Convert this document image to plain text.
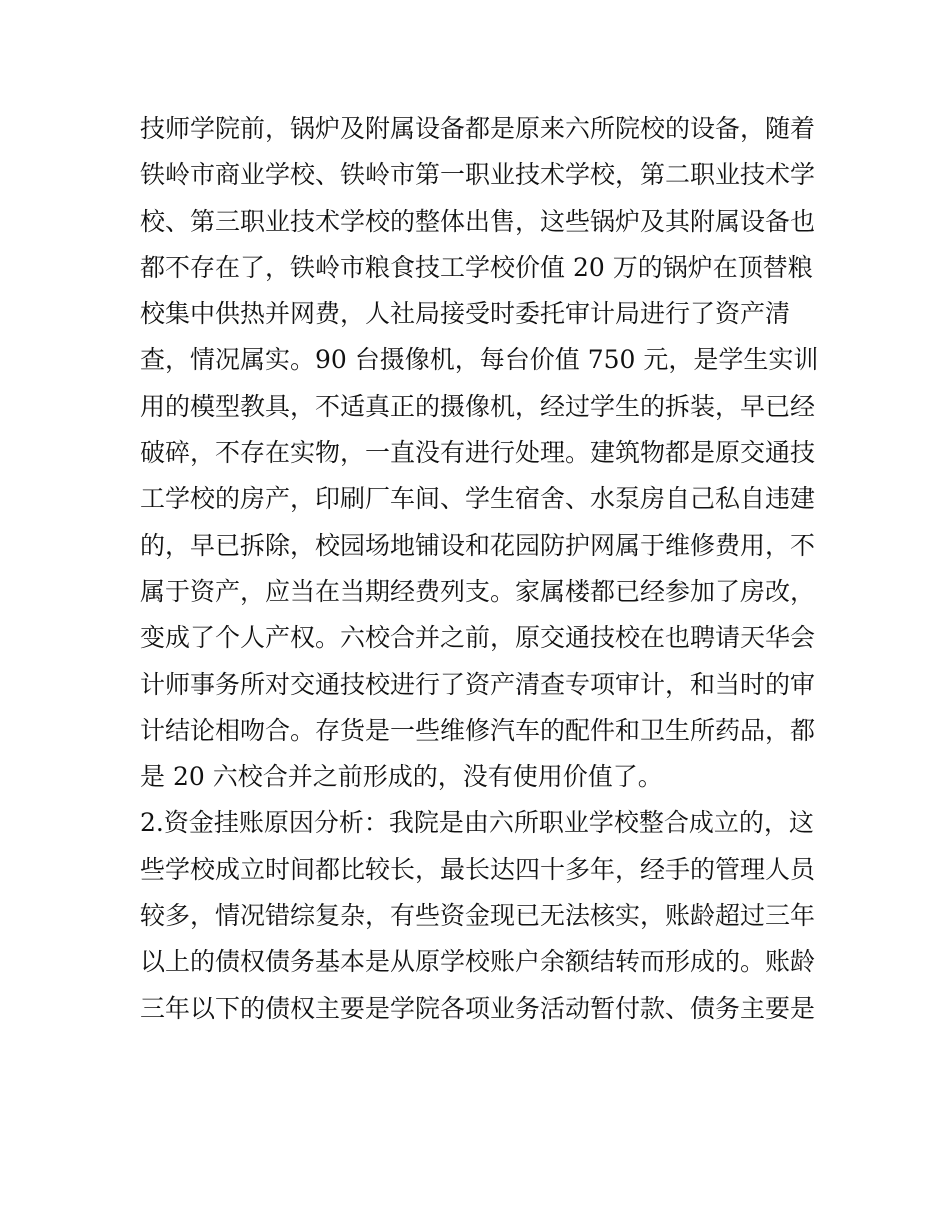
技师学院前，锅炉及附属设备都是原来六所院校的设备，随着
铁岭市商业学校、铁岭市第一职业技术学校，第二职业技术学
校、第三职业技术学校的整体出售，这些锅炉及其附属设备也
都不存在了，铁岭市粮食技工学校价值 20 万的锅炉在顶替粮
校集中供热并网费，人社局接受时委托审计局进行了资产清
查，情况属实。90 台摄像机，每台价值 750 元，是学生实训
用的模型教具，不适真正的摄像机，经过学生的拆装，早已经
破碎，不存在实物，一直没有进行处理。建筑物都是原交通技
工学校的房产，印刷厂车间、学生宿舍、水泵房自己私自违建
的，早已拆除，校园场地铺设和花园防护网属于维修费用，不
属于资产，应当在当期经费列支。家属楼都已经参加了房改，
变成了个人产权。六校合并之前，原交通技校在也聘请天华会
计师事务所对交通技校进行了资产清查专项审计，和当时的审
计结论相吻合。存货是一些维修汽车的配件和卫生所药品，都
是 20 六校合并之前形成的，没有使用价值了。
2.资金挂账原因分析：我院是由六所职业学校整合成立的，这
些学校成立时间都比较长，最长达四十多年，经手的管理人员
较多，情况错综复杂，有些资金现已无法核实，账龄超过三年
以上的债权债务基本是从原学校账户余额结转而形成的。账龄
三年以下的债权主要是学院各项业务活动暂付款、债务主要是
